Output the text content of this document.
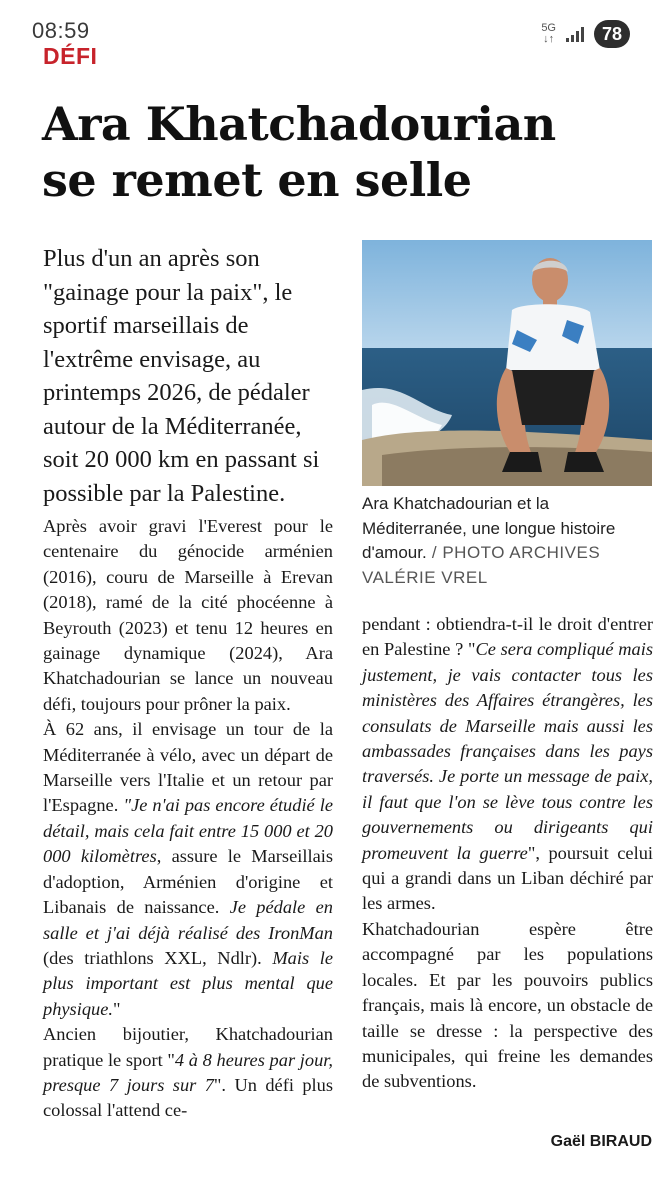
08:59	5G
↓↑	78
DÉFI
Ara Khatchadourian
se remet en selle

Plus d'un an après son "gainage pour la paix", le sportif marseillais de l'extrême envisage, au printemps 2026, de pédaler autour de la Méditerranée, soit 20 000 km en passant si possible par la Palestine.	Ara Khatchadourian et la Méditerranée, une longue histoire d'amour. / PHOTO ARCHIVES VALÉRIE VREL

Après avoir gravi l'Everest pour le centenaire du génocide arménien (2016), couru de Marseille à Erevan (2018), ramé de la cité phocéenne à Beyrouth (2023) et tenu 12 heures en gainage dynamique (2024), Ara Khatchadourian se lance un nouveau défi, toujours pour prôner la paix.

À 62 ans, il envisage un tour de la Méditerranée à vélo, avec un départ de Marseille vers l'Italie et un retour par l'Espagne. "Je n'ai pas encore étudié le détail, mais cela fait entre 15 000 et 20 000 kilomètres, assure le Marseillais d'adoption, Arménien d'origine et Libanais de naissance. Je pédale en salle et j'ai déjà réalisé des IronMan (des triathlons XXL, Ndlr). Mais le plus important est plus mental que physique."

Ancien bijoutier, Khatchadourian pratique le sport "4 à 8 heures par jour, presque 7 jours sur 7". Un défi plus colossal l'attend ce-

pendant : obtiendra-t-il le droit d'entrer en Palestine ? "Ce sera compliqué mais justement, je vais contacter tous les ministères des Affaires étrangères, les consulats de Marseille mais aussi les ambassades françaises dans les pays traversés. Je porte un message de paix, il faut que l'on se lève tous contre les gouvernements ou dirigeants qui promeuvent la guerre", poursuit celui qui a grandi dans un Liban déchiré par les armes.

Khatchadourian espère être accompagné par les populations locales. Et par les pouvoirs publics français, mais là encore, un obstacle de taille se dresse : la perspective des municipales, qui freine les demandes de subventions.

Gaël BIRAUD
